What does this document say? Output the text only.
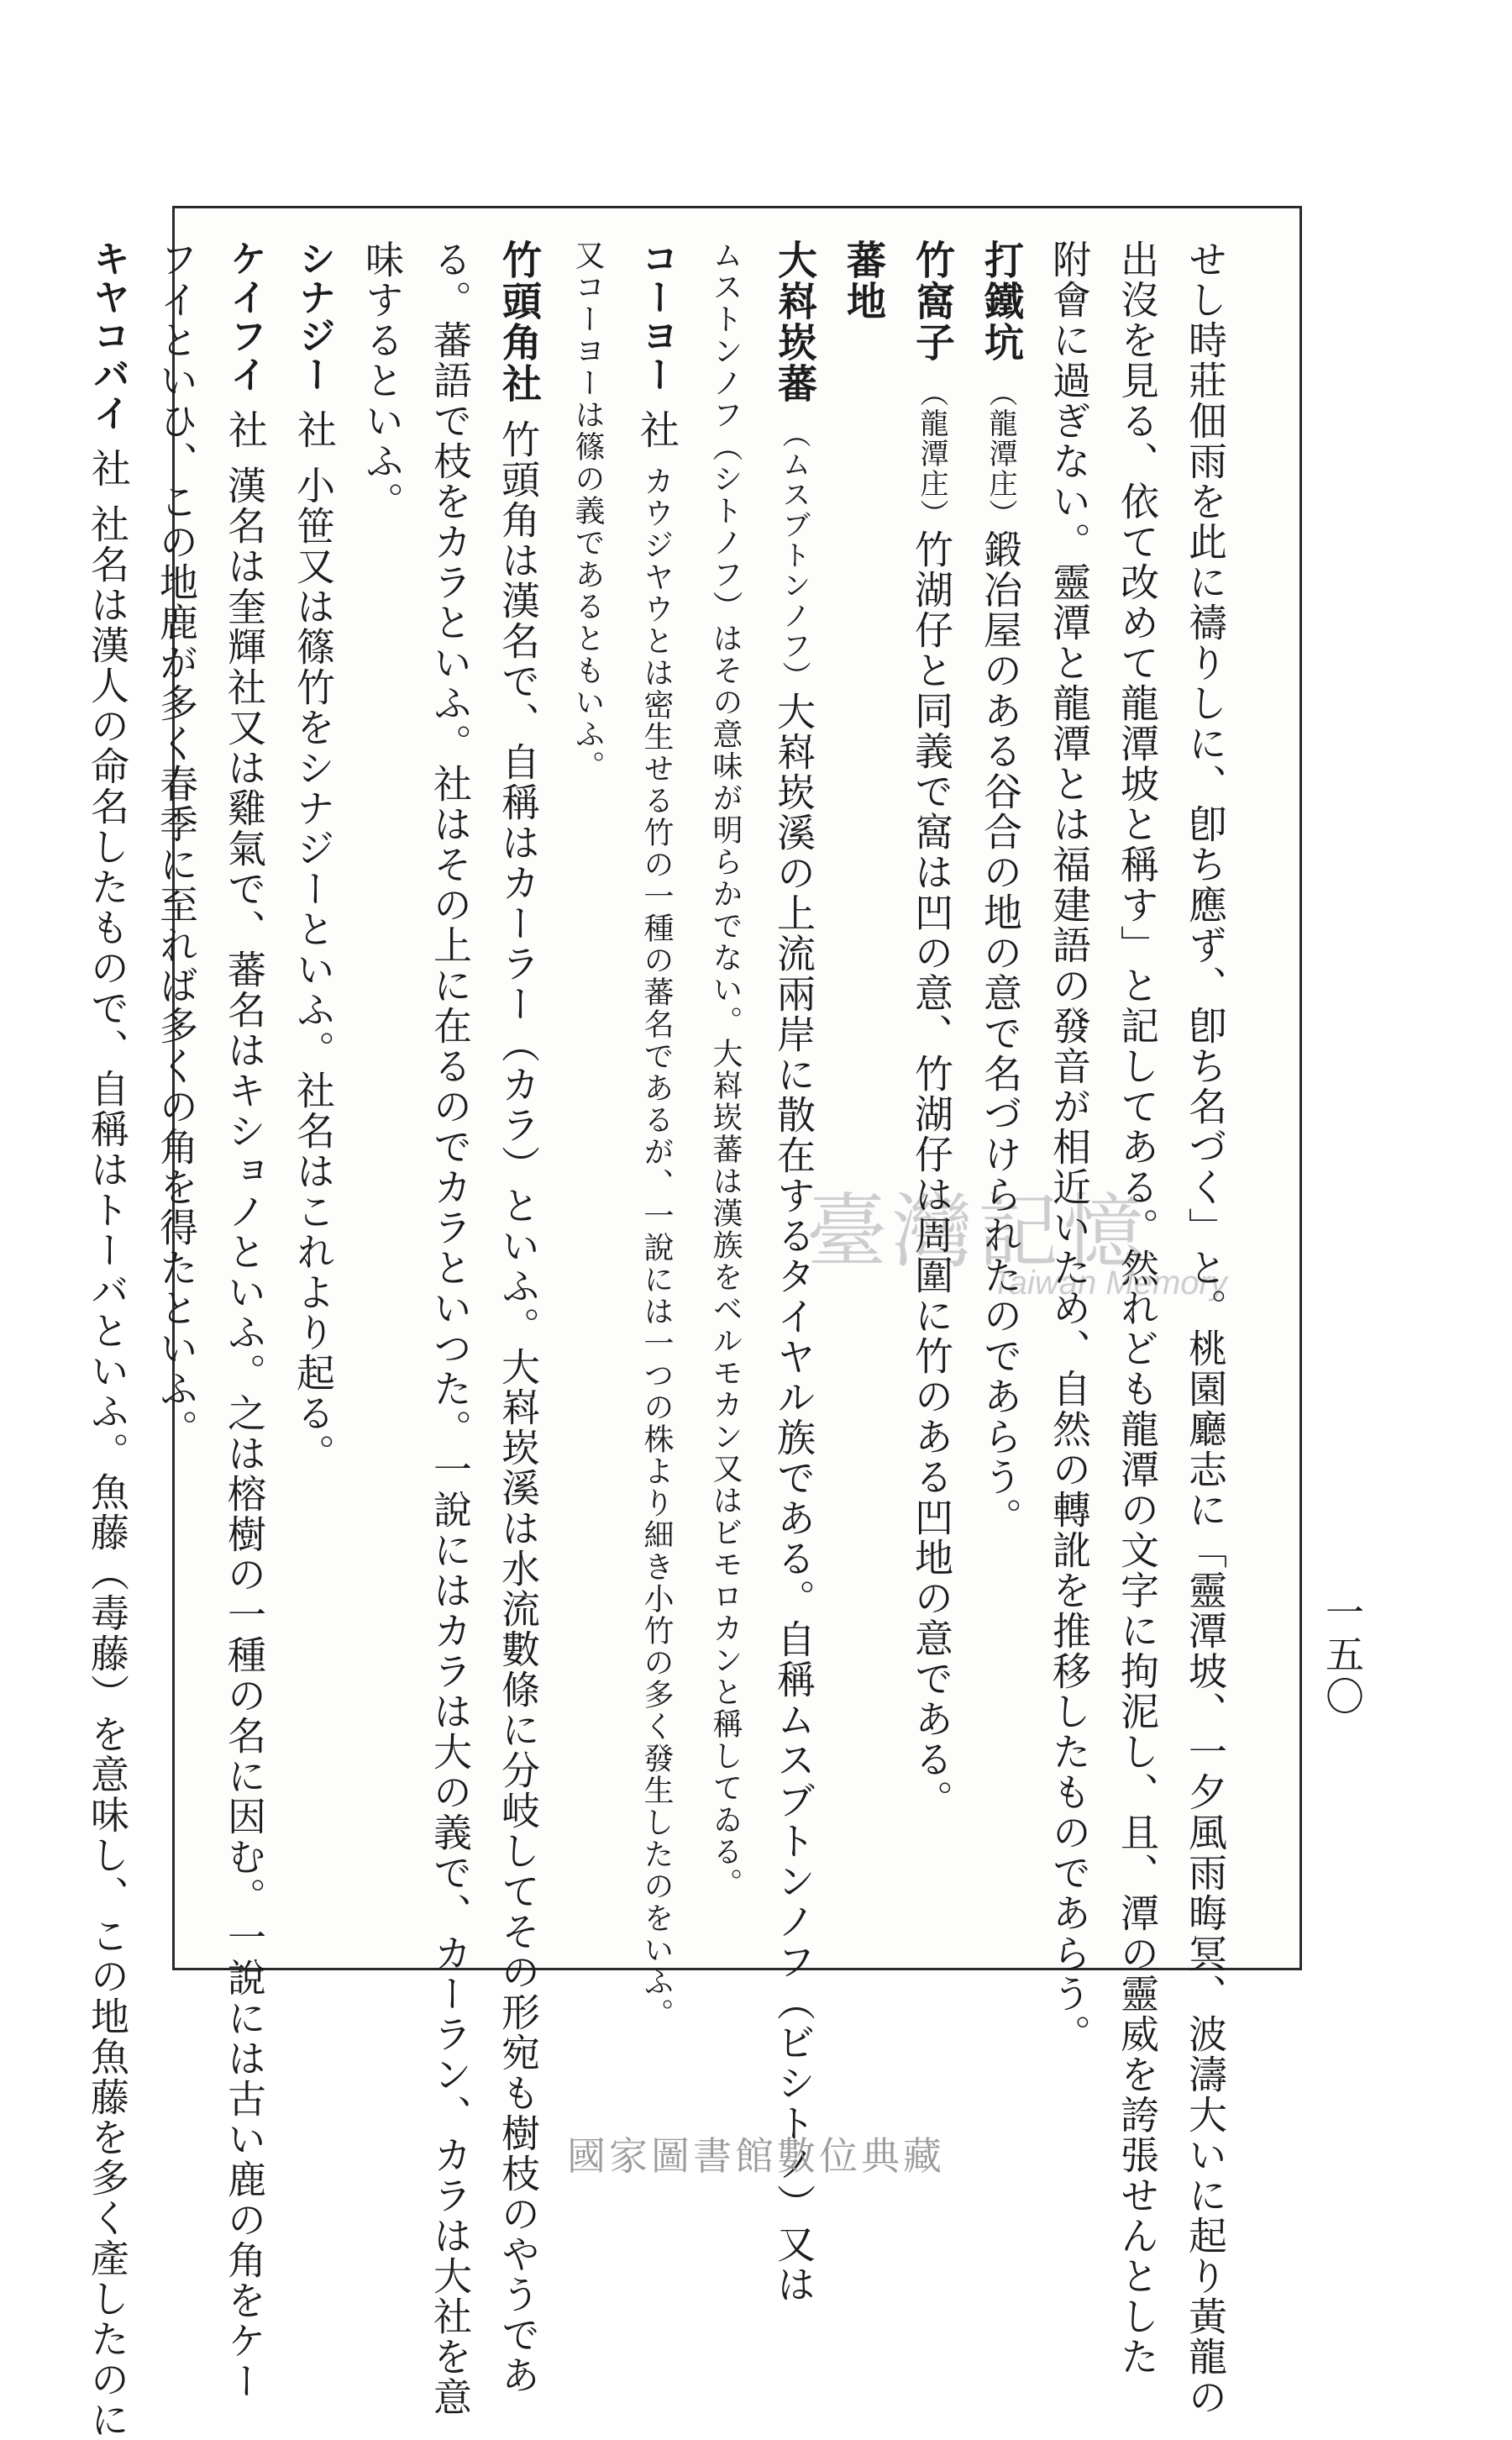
臺灣記憶
Taiwan Memory
せし時莊佃雨を此に禱りしに、卽ち應ず、卽ち名づく」と。桃園廳志に「靈潭坡、一夕風雨晦冥、波濤大いに起り黃龍の
出沒を見る、依て改めて龍潭坡と稱す」と記してある。然れども龍潭の文字に拘泥し、且、潭の靈威を誇張せんとした
附會に過ぎない。靈潭と龍潭とは福建語の發音が相近いため、自然の轉訛を推移したものであらう。
打鐵坑（龍潭庄）鍛冶屋のある谷合の地の意で名づけられたのであらう。
竹窩子（龍潭庄）竹湖仔と同義で窩は凹の意、竹湖仔は周圍に竹のある凹地の意である。
蕃地
大嵙崁蕃（ムスブトンノフ）大嵙崁溪の上流兩岸に散在するタイヤル族である。自稱ムスブトンノフ（ビシトノ）又は
ムストンノフ（シトノフ）はその意味が明らかでない。大嵙崁蕃は漢族をベルモカン又はビモロカンと稱してゐる。
コーヨー社カウジヤウとは密生せる竹の一種の蕃名であるが、一說には一つの株より細き小竹の多く發生したのをいふ。
又コーヨーは篠の義であるともいふ。
竹頭角社竹頭角は漢名で、自稱はカーラー（カラ）といふ。大嵙崁溪は水流數條に分岐してその形宛も樹枝のやうであ
る。蕃語で枝をカラといふ。社はその上に在るのでカラといつた。一說にはカラは大の義で、カーラン、カラは大社を意
味するといふ。
シナジー社小笹又は篠竹をシナジーといふ。社名はこれより起る。
ケイフイ社漢名は奎輝社又は雞氣で、蕃名はキショノといふ。之は榕樹の一種の名に因む。一說には古い鹿の角をケー
フイといひ、この地鹿が多く春季に至れば多くの角を得たといふ。
キヤコバイ社社名は漢人の命名したもので、自稱はトーバといふ。魚藤（毒藤）を意味し、この地魚藤を多く產したのに	一五〇
國家圖書館數位典藏
